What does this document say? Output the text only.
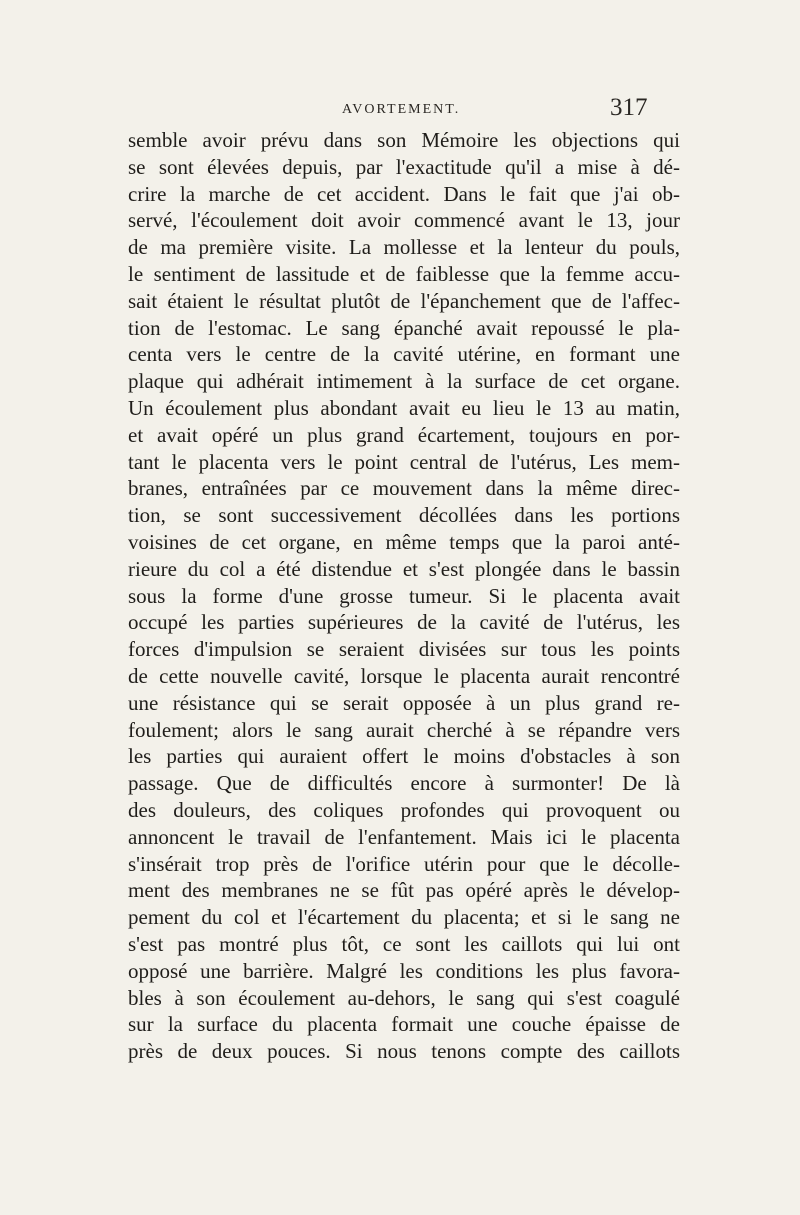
AVORTEMENT.	317
semble avoir prévu dans son Mémoire les objections qui
se sont élevées depuis, par l'exactitude qu'il a mise à dé-
crire la marche de cet accident. Dans le fait que j'ai ob-
servé, l'écoulement doit avoir commencé avant le 13, jour
de ma première visite. La mollesse et la lenteur du pouls,
le sentiment de lassitude et de faiblesse que la femme accu-
sait étaient le résultat plutôt de l'épanchement que de l'affec-
tion de l'estomac. Le sang épanché avait repoussé le pla-
centa vers le centre de la cavité utérine, en formant une
plaque qui adhérait intimement à la surface de cet organe.
Un écoulement plus abondant avait eu lieu le 13 au matin,
et avait opéré un plus grand écartement, toujours en por-
tant le placenta vers le point central de l'utérus, Les mem-
branes, entraînées par ce mouvement dans la même direc-
tion, se sont successivement décollées dans les portions
voisines de cet organe, en même temps que la paroi anté-
rieure du col a été distendue et s'est plongée dans le bassin
sous la forme d'une grosse tumeur. Si le placenta avait
occupé les parties supérieures de la cavité de l'utérus, les
forces d'impulsion se seraient divisées sur tous les points
de cette nouvelle cavité, lorsque le placenta aurait rencontré
une résistance qui se serait opposée à un plus grand re-
foulement; alors le sang aurait cherché à se répandre vers
les parties qui auraient offert le moins d'obstacles à son
passage. Que de difficultés encore à surmonter! De là
des douleurs, des coliques profondes qui provoquent ou
annoncent le travail de l'enfantement. Mais ici le placenta
s'insérait trop près de l'orifice utérin pour que le décolle-
ment des membranes ne se fût pas opéré après le dévelop-
pement du col et l'écartement du placenta; et si le sang ne
s'est pas montré plus tôt, ce sont les caillots qui lui ont
opposé une barrière. Malgré les conditions les plus favora-
bles à son écoulement au-dehors, le sang qui s'est coagulé
sur la surface du placenta formait une couche épaisse de
près de deux pouces. Si nous tenons compte des caillots
